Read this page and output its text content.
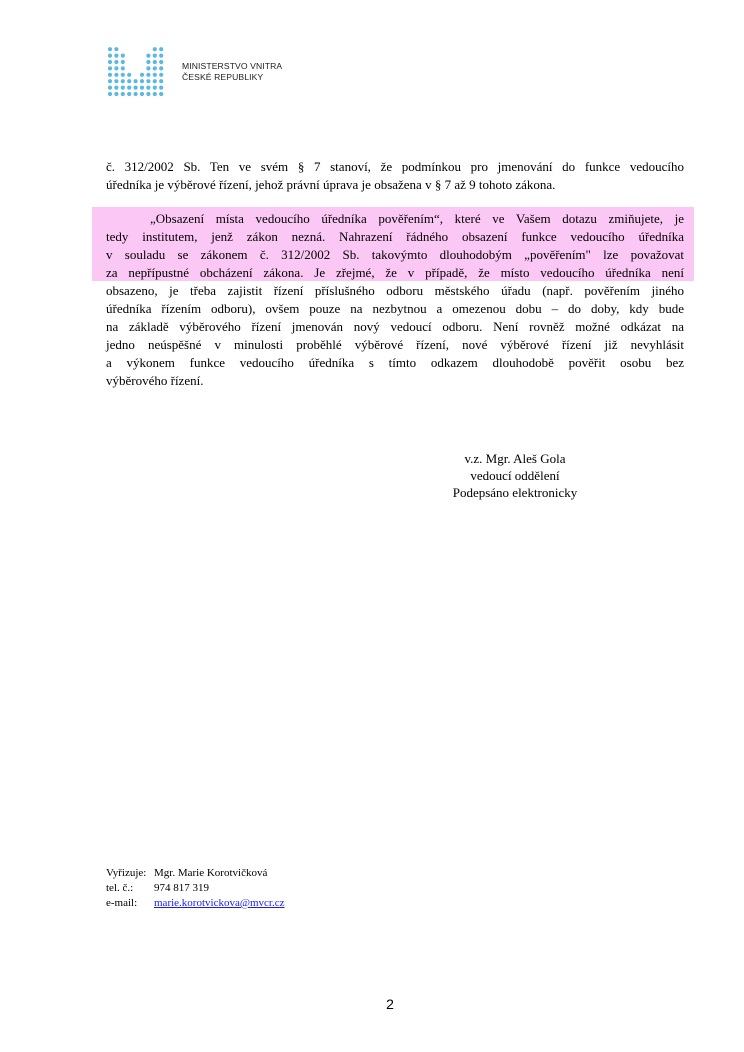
MINISTERSTVO VNITRA
ČESKÉ REPUBLIKY
č. 312/2002 Sb. Ten ve svém § 7 stanoví, že podmínkou pro jmenování do funkce vedoucího
úředníka je výběrové řízení, jehož právní úprava je obsažena v § 7 až 9 tohoto zákona.
„Obsazení místa vedoucího úředníka pověřením“, které ve Vašem dotazu zmiňujete, je
tedy institutem, jenž zákon nezná. Nahrazení řádného obsazení funkce vedoucího úředníka
v souladu se zákonem č. 312/2002 Sb. takovýmto dlouhodobým „pověřením" lze považovat
za nepřípustné obcházení zákona. Je zřejmé, že v případě, že místo vedoucího úředníka není
obsazeno, je třeba zajistit řízení příslušného odboru městského úřadu (např. pověřením jiného
úředníka řízením odboru), ovšem pouze na nezbytnou a omezenou dobu – do doby, kdy bude
na základě výběrového řízení jmenován nový vedoucí odboru. Není rovněž možné odkázat na
jedno neúspěšné v minulosti proběhlé výběrové řízení, nové výběrové řízení již nevyhlásit
a výkonem funkce vedoucího úředníka s tímto odkazem dlouhodobě pověřit osobu bez
výběrového řízení.
v.z. Mgr. Aleš Gola
vedoucí oddělení
Podepsáno elektronicky
Vyřizuje: Mgr. Marie Korotvičková
tel. č.:	974 817 319
e-mail:	marie.korotvickova@mvcr.cz
2
